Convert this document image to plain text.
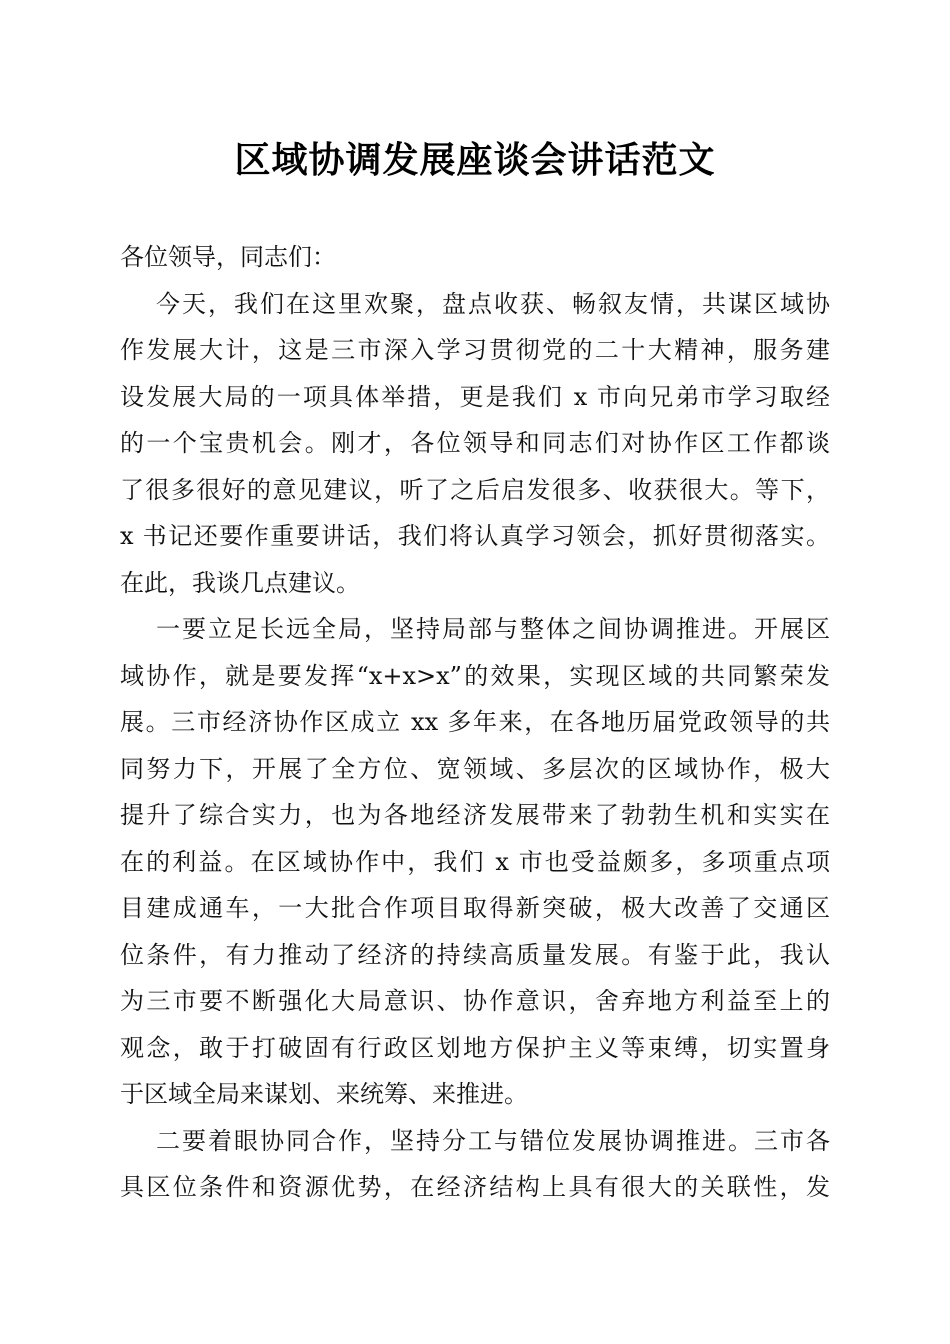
区域协调发展座谈会讲话范文
各位领导，同志们：
今天，我们在这里欢聚，盘点收获、畅叙友情，共谋区域协
作发展大计，这是三市深入学习贯彻党的二十大精神，服务建
设发展大局的一项具体举措，更是我们 x 市向兄弟市学习取经
的一个宝贵机会。刚才，各位领导和同志们对协作区工作都谈
了很多很好的意见建议，听了之后启发很多、收获很大。等下，
x 书记还要作重要讲话，我们将认真学习领会，抓好贯彻落实。
在此，我谈几点建议。
一要立足长远全局，坚持局部与整体之间协调推进。开展区
域协作，就是要发挥“x+x>x”的效果，实现区域的共同繁荣发
展。三市经济协作区成立 xx 多年来，在各地历届党政领导的共
同努力下，开展了全方位、宽领域、多层次的区域协作，极大
提升了综合实力，也为各地经济发展带来了勃勃生机和实实在
在的利益。在区域协作中，我们 x 市也受益颇多，多项重点项
目建成通车，一大批合作项目取得新突破，极大改善了交通区
位条件，有力推动了经济的持续高质量发展。有鉴于此，我认
为三市要不断强化大局意识、协作意识，舍弃地方利益至上的
观念，敢于打破固有行政区划地方保护主义等束缚，切实置身
于区域全局来谋划、来统筹、来推进。
二要着眼协同合作，坚持分工与错位发展协调推进。三市各
具区位条件和资源优势，在经济结构上具有很大的关联性，发
